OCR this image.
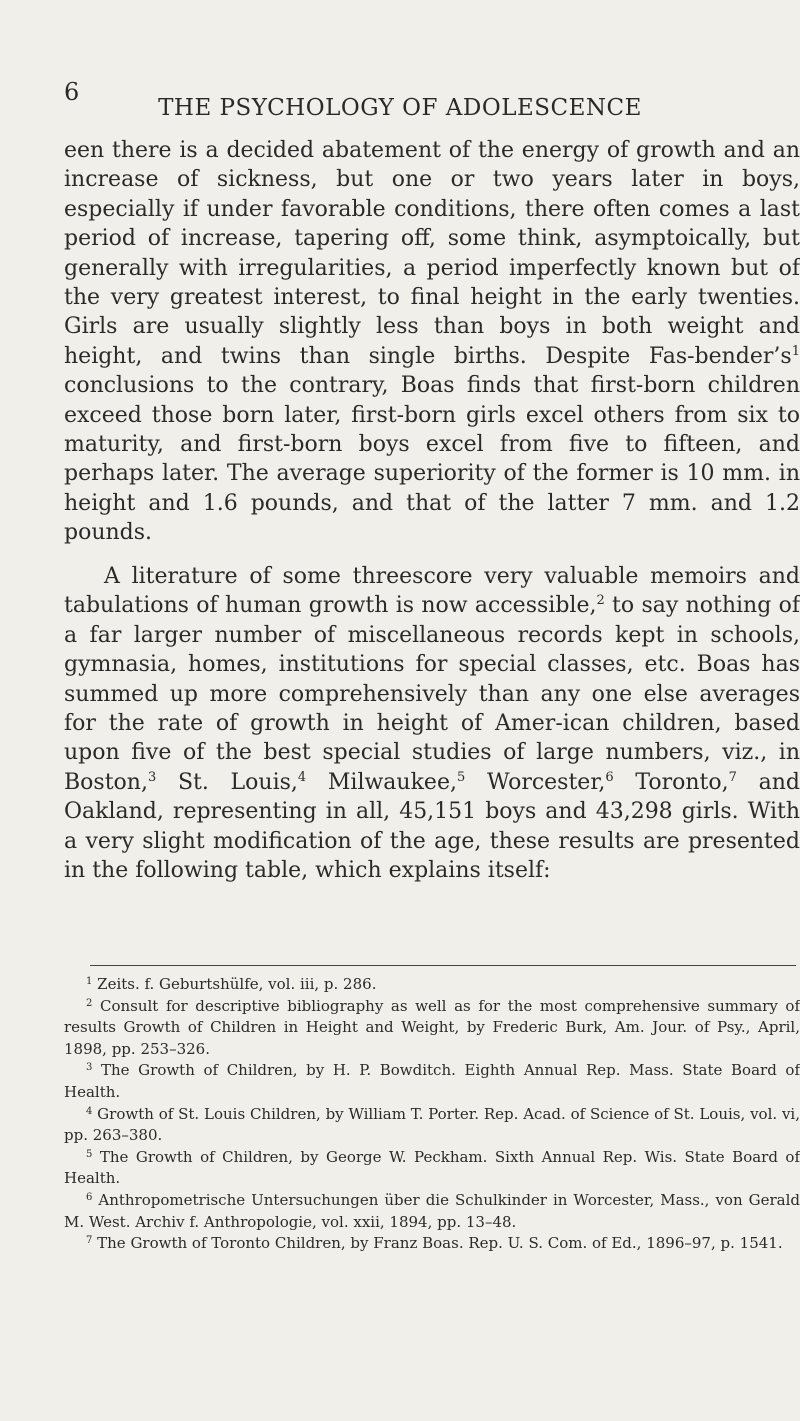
6
THE PSYCHOLOGY OF ADOLESCENCE

een there is a decided abatement of the energy of growth and an increase of sickness, but one or two years later in boys, especially if under favorable conditions, there often comes a last period of increase, tapering off, some think, asymptoically, but generally with irregularities, a period imperfectly known but of the very greatest interest, to final height in the early twenties. Girls are usually slightly less than boys in both weight and height, and twins than single births. Despite Fas-$bender’s^1$ conclusions to the contrary, Boas finds that first-born children exceed those born later, first-born girls excel others from six to maturity, and first-born boys excel from five to fifteen, and perhaps later. The average superiority of the former is 10 mm. in height and 1.6 pounds, and that of the latter 7 mm. and 1.2 pounds.

A literature of some threescore very valuable memoirs and tabulations of human growth is now accessible,$^2$ to say nothing of a far larger number of miscellaneous records kept in schools, gymnasia, homes, institutions for special classes, etc. Boas has summed up more comprehensively than any one else averages for the rate of growth in height of Amer-ican children, based upon five of the best special studies of large numbers, viz., in Boston,$^3$ St. Louis,$^4$ Milwaukee,$^5$ Worcester,$^6$ Toronto,$^7$ and Oakland, representing in all, 45,151 boys and 43,298 girls. With a very slight modification of the age, these results are presented in the following table, which explains itself:

$^1$ Zeits. f. Geburtshülfe, vol. iii, p. 286.
$^2$ Consult for descriptive bibliography as well as for the most comprehensive summary of results Growth of Children in Height and Weight, by Frederic Burk, Am. Jour. of Psy., April, 1898, pp. 253–326.
$^3$ The Growth of Children, by H. P. Bowditch. Eighth Annual Rep. Mass. State Board of Health.
$^4$ Growth of St. Louis Children, by William T. Porter. Rep. Acad. of Science of St. Louis, vol. vi, pp. 263–380.
$^5$ The Growth of Children, by George W. Peckham. Sixth Annual Rep. Wis. State Board of Health.
$^6$ Anthropometrische Untersuchungen über die Schulkinder in Worcester, Mass., von Gerald M. West. Archiv f. Anthropologie, vol. xxii, 1894, pp. 13–48.
$^7$ The Growth of Toronto Children, by Franz Boas. Rep. U. S. Com. of Ed., 1896–97, p. 1541.
